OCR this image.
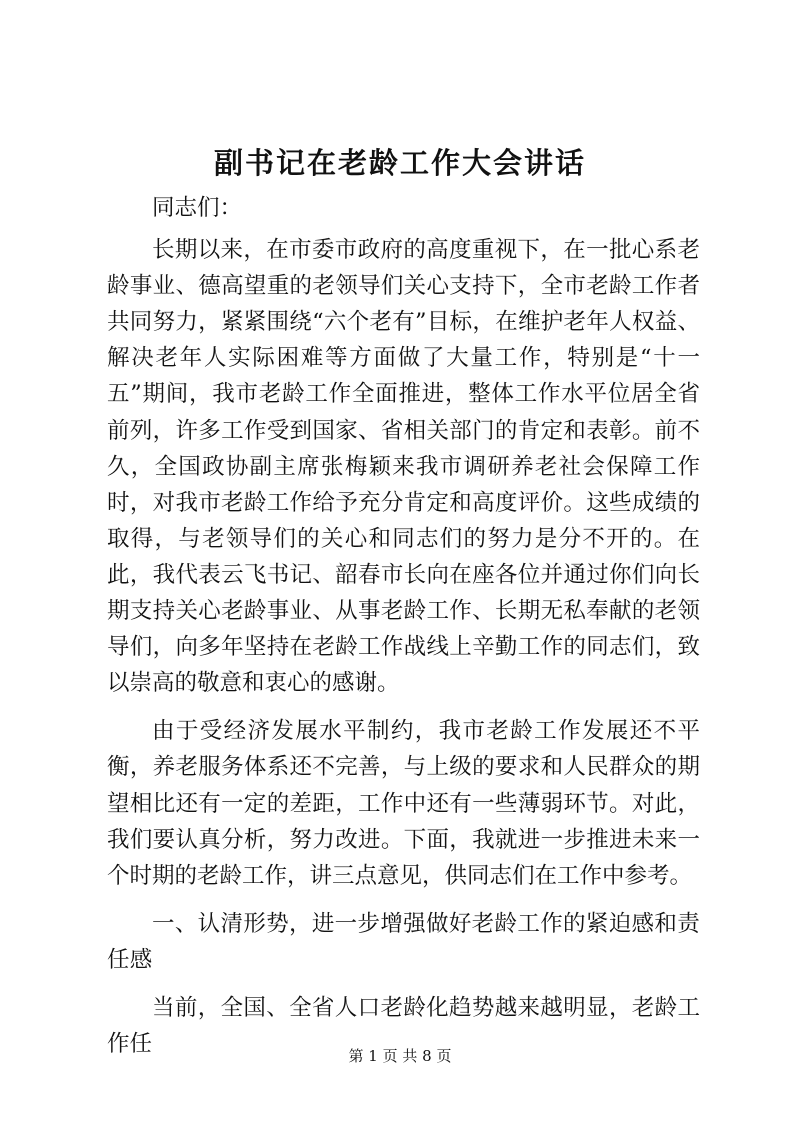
副书记在老龄工作大会讲话

同志们：

长期以来，在市委市政府的高度重视下，在一批心系老龄事业、德高望重的老领导们关心支持下，全市老龄工作者共同努力，紧紧围绕“六个老有”目标，在维护老年人权益、解决老年人实际困难等方面做了大量工作，特别是“十一五”期间，我市老龄工作全面推进，整体工作水平位居全省前列，许多工作受到国家、省相关部门的肯定和表彰。前不久，全国政协副主席张梅颖来我市调研养老社会保障工作时，对我市老龄工作给予充分肯定和高度评价。这些成绩的取得，与老领导们的关心和同志们的努力是分不开的。在此，我代表云飞书记、韶春市长向在座各位并通过你们向长期支持关心老龄事业、从事老龄工作、长期无私奉献的老领导们，向多年坚持在老龄工作战线上辛勤工作的同志们，致以崇高的敬意和衷心的感谢。

由于受经济发展水平制约，我市老龄工作发展还不平衡，养老服务体系还不完善，与上级的要求和人民群众的期望相比还有一定的差距，工作中还有一些薄弱环节。对此，我们要认真分析，努力改进。下面，我就进一步推进未来一个时期的老龄工作，讲三点意见，供同志们在工作中参考。

一、认清形势，进一步增强做好老龄工作的紧迫感和责任感

当前，全国、全省人口老龄化趋势越来越明显，老龄工作任	第 1 页 共 8 页
